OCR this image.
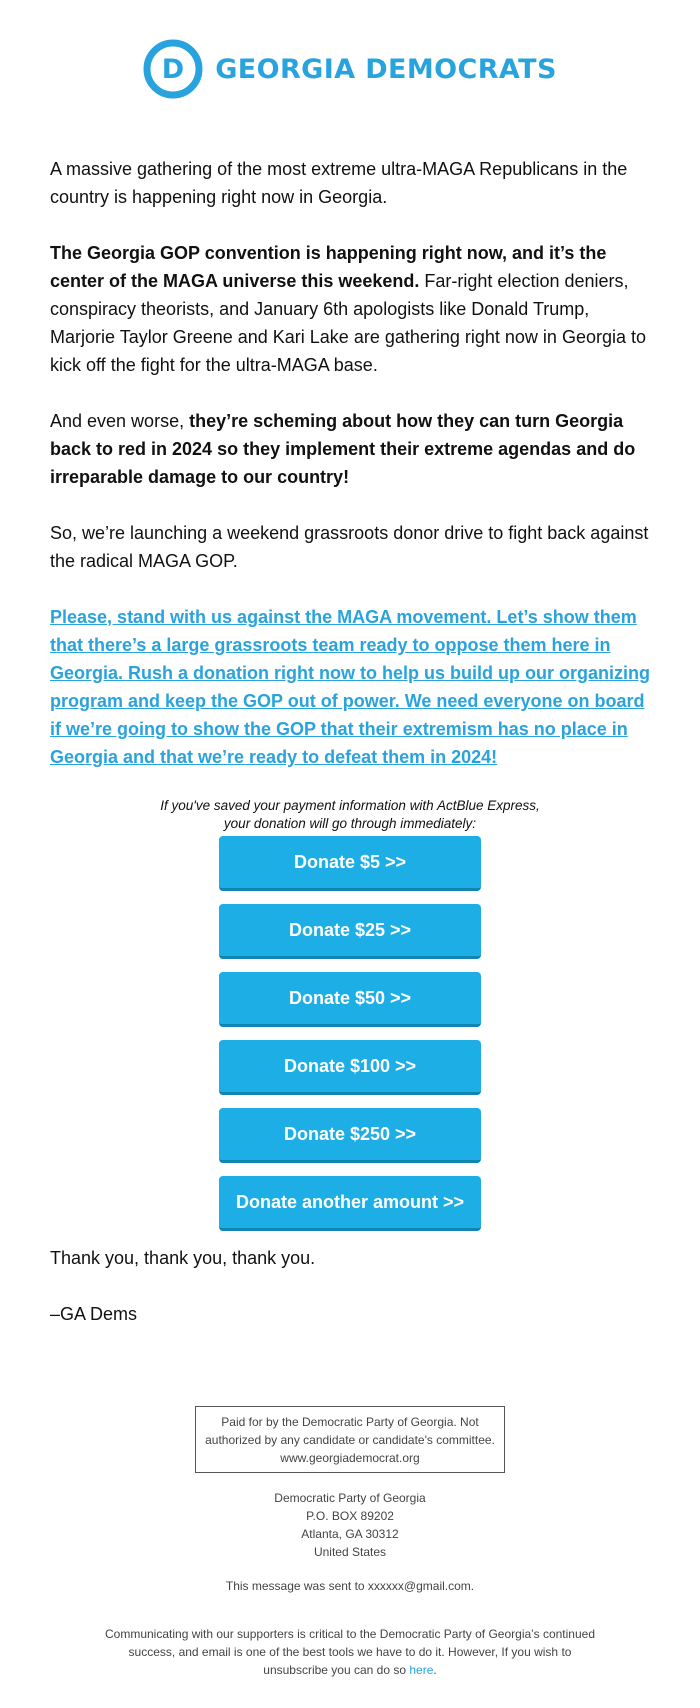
D GEORGIA DEMOCRATS

A massive gathering of the most extreme ultra-MAGA Republicans in the country is happening right now in Georgia.

The Georgia GOP convention is happening right now, and it’s the center of the MAGA universe this weekend. Far-right election deniers, conspiracy theorists, and January 6th apologists like Donald Trump, Marjorie Taylor Greene and Kari Lake are gathering right now in Georgia to kick off the fight for the ultra-MAGA base.

And even worse, they’re scheming about how they can turn Georgia back to red in 2024 so they implement their extreme agendas and do irreparable damage to our country!

So, we’re launching a weekend grassroots donor drive to fight back against the radical MAGA GOP.

Please, stand with us against the MAGA movement. Let’s show them that there’s a large grassroots team ready to oppose them here in Georgia. Rush a donation right now to help us build up our organizing program and keep the GOP out of power. We need everyone on board if we’re going to show the GOP that their extremism has no place in Georgia and that we’re ready to defeat them in 2024!

If you've saved your payment information with ActBlue Express,
your donation will go through immediately:
Donate $5 >>
Donate $25 >>
Donate $50 >>
Donate $100 >>
Donate $250 >>
Donate another amount >>

Thank you, thank you, thank you.

–GA Dems

Paid for by the Democratic Party of Georgia. Not authorized by any candidate or candidate's committee. www.georgiademocrat.org
Democratic Party of Georgia
P.O. BOX 89202
Atlanta, GA 30312
United States
This message was sent to xxxxxx@gmail.com.
Communicating with our supporters is critical to the Democratic Party of Georgia’s continued success, and email is one of the best tools we have to do it. However, If you wish to unsubscribe you can do so here.
